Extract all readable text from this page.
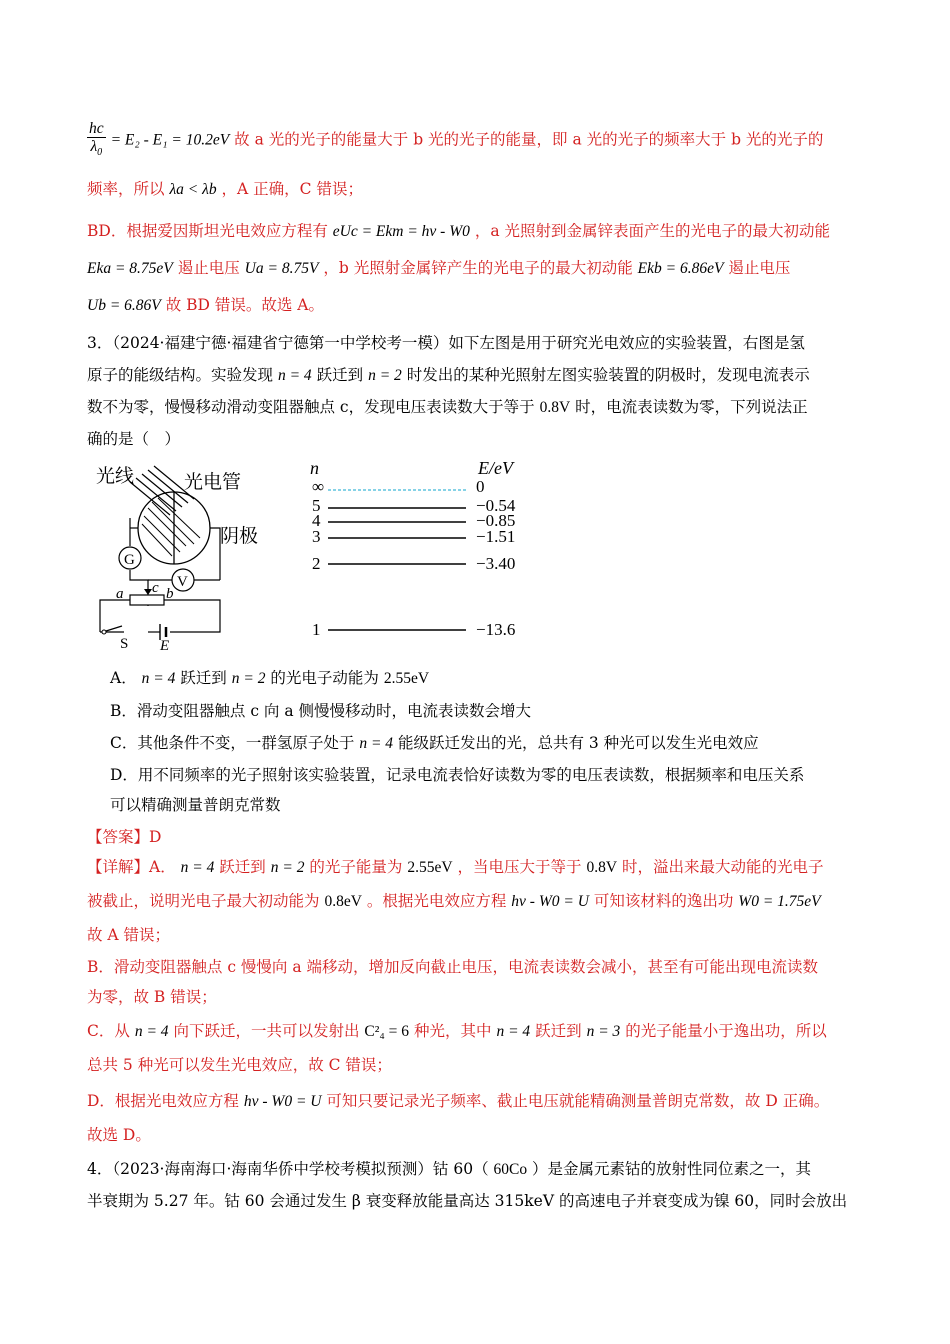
$\frac{hc}{\lambda_0} = E_2 - E_1 = 10.2eV$ 故 a 光的光子的能量大于 b 光的光子的能量，即 a 光的光子的频率大于 b 光的光子的
频率，所以 λa < λb ，A 正确，C 错误；
BD．根据爱因斯坦光电效应方程有 eUc = Ekm = hν - W0 ，a 光照射到金属锌表面产生的光电子的最大初动能
Eka = 8.75eV 遏止电压 Ua = 8.75V ，b 光照射金属锌产生的光电子的最大初动能 Ekb = 6.86eV 遏止电压
Ub = 6.86V 故 BD 错误。故选 A。
3．（2024·福建宁德·福建省宁德第一中学校考一模）如下左图是用于研究光电效应的实验装置，右图是氢
原子的能级结构。实验发现 n = 4 跃迁到 n = 2 时发出的某种光照射左图实验装置的阴极时，发现电流表示
数不为零，慢慢移动滑动变阻器触点 c，发现电压表读数大于等于 0.8V 时，电流表读数为零，下列说法正
确的是（　）
光线	光电管
阴极
G
V
a	b
c
S E
n	E/eV
∞	0
5	−0.54
4	−0.85
3	−1.51
2	−3.40
1	−13.6
A． n = 4 跃迁到 n = 2 的光电子动能为 2.55eV
B．滑动变阻器触点 c 向 a 侧慢慢移动时，电流表读数会增大
C．其他条件不变，一群氢原子处于 n = 4 能级跃迁发出的光，总共有 3 种光可以发生光电效应
D．用不同频率的光子照射该实验装置，记录电流表恰好读数为零的电压表读数，根据频率和电压关系
可以精确测量普朗克常数
【答案】D
【详解】A． n = 4 跃迁到 n = 2 的光子能量为 2.55eV ，当电压大于等于 0.8V 时，溢出来最大动能的光电子
被截止，说明光电子最大初动能为 0.8eV 。根据光电效应方程 hν - W0 = U 可知该材料的逸出功 W0 = 1.75eV
故 A 错误；
B．滑动变阻器触点 c 慢慢向 a 端移动，增加反向截止电压，电流表读数会减小，甚至有可能出现电流读数
为零，故 B 错误；
C．从 n = 4 向下跃迁，一共可以发射出 C²₄ = 6 种光，其中 n = 4 跃迁到 n = 3 的光子能量小于逸出功，所以
总共 5 种光可以发生光电效应，故 C 错误；
D．根据光电效应方程 hν - W0 = U 可知只要记录光子频率、截止电压就能精确测量普朗克常数，故 D 正确。
故选 D。
4．（2023·海南海口·海南华侨中学校考模拟预测）钴 60（ 60Co ）是金属元素钴的放射性同位素之一，其
半衰期为 5.27 年。钴 60 会通过发生 β 衰变释放能量高达 315keV 的高速电子并衰变成为镍 60，同时会放出
